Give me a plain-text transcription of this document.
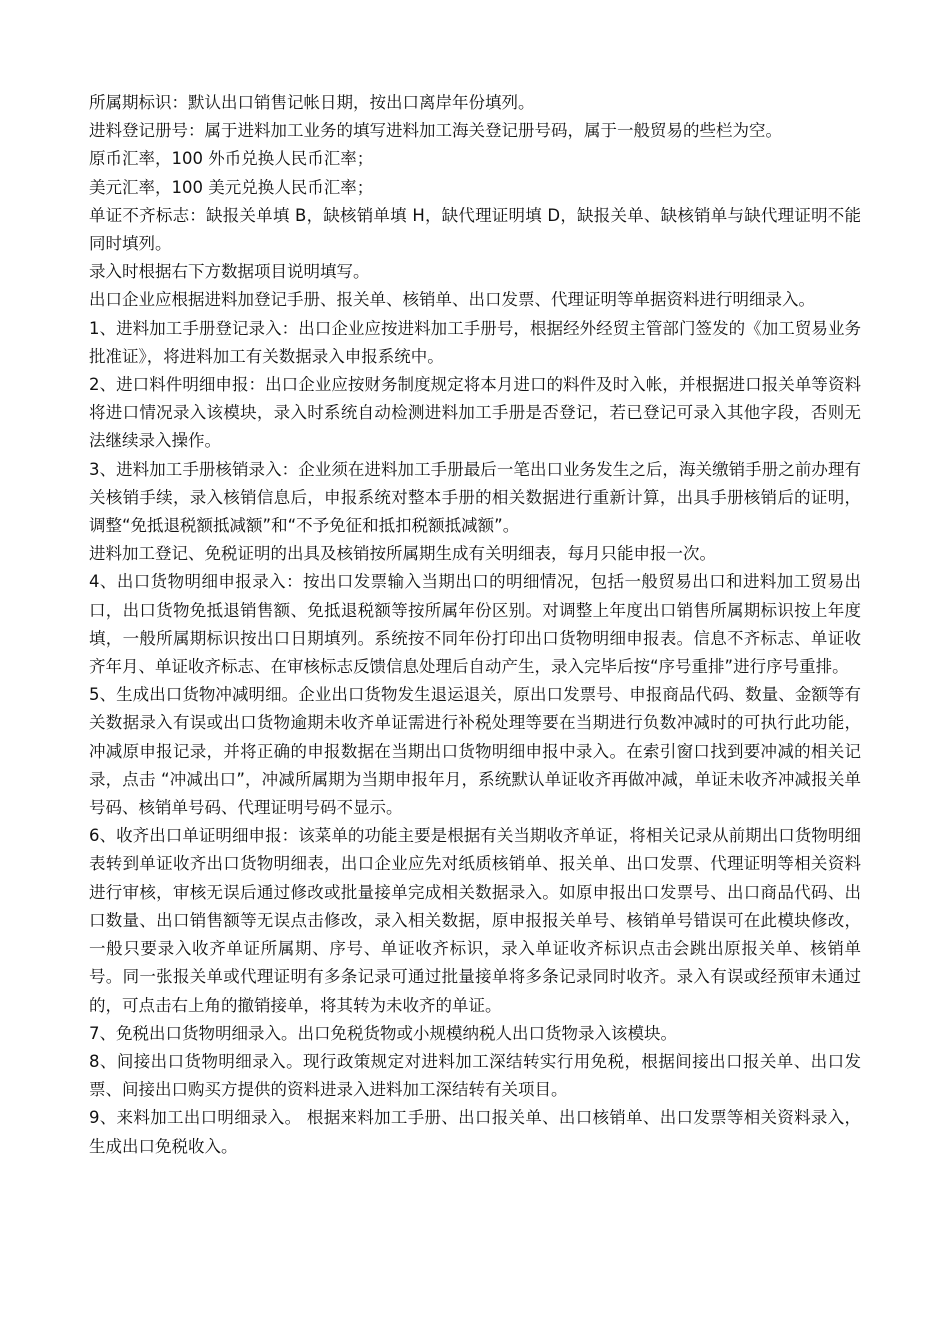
所属期标识：默认出口销售记帐日期，按出口离岸年份填列。

进料登记册号：属于进料加工业务的填写进料加工海关登记册号码，属于一般贸易的些栏为空。

原币汇率，100 外币兑换人民币汇率；

美元汇率，100 美元兑换人民币汇率；

单证不齐标志：缺报关单填 B，缺核销单填 H，缺代理证明填 D，缺报关单、缺核销单与缺代理证明不能同时填列。

录入时根据右下方数据项目说明填写。

出口企业应根据进料加登记手册、报关单、核销单、出口发票、代理证明等单据资料进行明细录入。

1、进料加工手册登记录入：出口企业应按进料加工手册号，根据经外经贸主管部门签发的《加工贸易业务批准证》，将进料加工有关数据录入申报系统中。

2、进口料件明细申报：出口企业应按财务制度规定将本月进口的料件及时入帐，并根据进口报关单等资料将进口情况录入该模块，录入时系统自动检测进料加工手册是否登记，若已登记可录入其他字段，否则无法继续录入操作。

3、进料加工手册核销录入：企业须在进料加工手册最后一笔出口业务发生之后，海关缴销手册之前办理有关核销手续，录入核销信息后，申报系统对整本手册的相关数据进行重新计算，出具手册核销后的证明，调整“免抵退税额抵减额”和“不予免征和抵扣税额抵减额”。

进料加工登记、免税证明的出具及核销按所属期生成有关明细表，每月只能申报一次。

4、出口货物明细申报录入：按出口发票输入当期出口的明细情况，包括一般贸易出口和进料加工贸易出口，出口货物免抵退销售额、免抵退税额等按所属年份区别。对调整上年度出口销售所属期标识按上年度填，一般所属期标识按出口日期填列。系统按不同年份打印出口货物明细申报表。信息不齐标志、单证收齐年月、单证收齐标志、在审核标志反馈信息处理后自动产生，录入完毕后按“序号重排”进行序号重排。

5、生成出口货物冲减明细。企业出口货物发生退运退关，原出口发票号、申报商品代码、数量、金额等有关数据录入有误或出口货物逾期未收齐单证需进行补税处理等要在当期进行负数冲减时的可执行此功能，冲减原申报记录，并将正确的申报数据在当期出口货物明细申报中录入。在索引窗口找到要冲减的相关记录，点击 “冲减出口”，冲减所属期为当期申报年月，系统默认单证收齐再做冲减，单证未收齐冲减报关单号码、核销单号码、代理证明号码不显示。

6、收齐出口单证明细申报：该菜单的功能主要是根据有关当期收齐单证，将相关记录从前期出口货物明细表转到单证收齐出口货物明细表，出口企业应先对纸质核销单、报关单、出口发票、代理证明等相关资料进行审核，审核无误后通过修改或批量接单完成相关数据录入。如原申报出口发票号、出口商品代码、出口数量、出口销售额等无误点击修改，录入相关数据，原申报报关单号、核销单号错误可在此模块修改，一般只要录入收齐单证所属期、序号、单证收齐标识，录入单证收齐标识点击会跳出原报关单、核销单号。同一张报关单或代理证明有多条记录可通过批量接单将多条记录同时收齐。录入有误或经预审未通过的，可点击右上角的撤销接单，将其转为未收齐的单证。

7、免税出口货物明细录入。出口免税货物或小规模纳税人出口货物录入该模块。

8、间接出口货物明细录入。现行政策规定对进料加工深结转实行用免税，根据间接出口报关单、出口发票、间接出口购买方提供的资料进录入进料加工深结转有关项目。

9、来料加工出口明细录入。 根据来料加工手册、出口报关单、出口核销单、出口发票等相关资料录入，生成出口免税收入。
